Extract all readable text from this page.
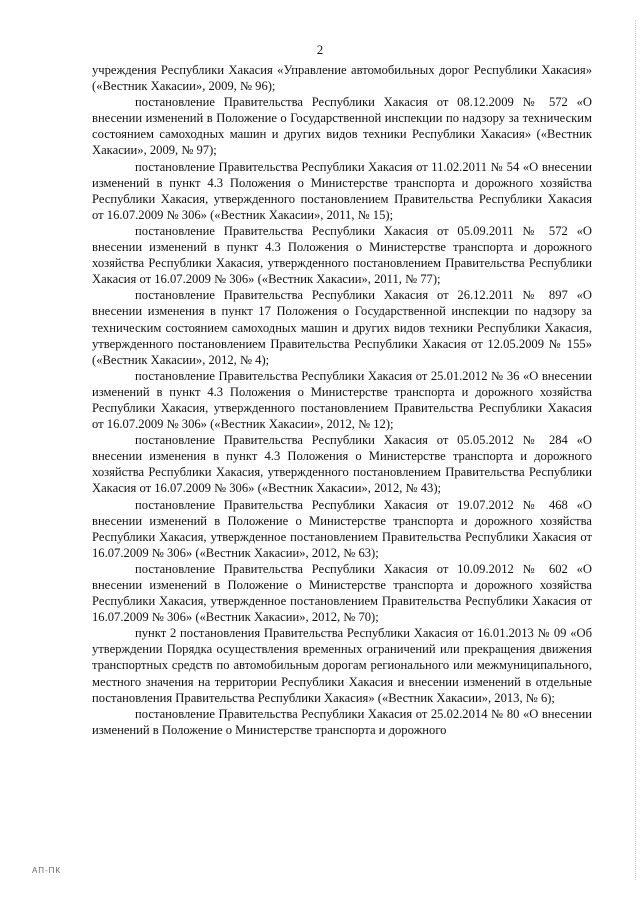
2

учреждения Республики Хакасия «Управление автомобильных дорог Республики Хакасия» («Вестник Хакасии», 2009, № 96);

постановление Правительства Республики Хакасия от 08.12.2009 № 572 «О внесении изменений в Положение о Государственной инспекции по надзору за техническим состоянием самоходных машин и других видов техники Республики Хакасия» («Вестник Хакасии», 2009, № 97);

постановление Правительства Республики Хакасия от 11.02.2011 № 54 «О внесении изменений в пункт 4.3 Положения о Министерстве транспорта и дорожного хозяйства Республики Хакасия, утвержденного постановлением Правительства Республики Хакасия от 16.07.2009 № 306» («Вестник Хакасии», 2011, № 15);

постановление Правительства Республики Хакасия от 05.09.2011 № 572 «О внесении изменений в пункт 4.3 Положения о Министерстве транспорта и дорожного хозяйства Республики Хакасия, утвержденного постановлением Правительства Республики Хакасия от 16.07.2009 № 306» («Вестник Хакасии», 2011, № 77);

постановление Правительства Республики Хакасия от 26.12.2011 № 897 «О внесении изменения в пункт 17 Положения о Государственной инспекции по надзору за техническим состоянием самоходных машин и других видов техники Республики Хакасия, утвержденного постановлением Правительства Республики Хакасия от 12.05.2009 № 155» («Вестник Хакасии», 2012, № 4);

постановление Правительства Республики Хакасия от 25.01.2012 № 36 «О внесении изменений в пункт 4.3 Положения о Министерстве транспорта и дорожного хозяйства Республики Хакасия, утвержденного постановлением Правительства Республики Хакасия от 16.07.2009 № 306» («Вестник Хакасии», 2012, № 12);

постановление Правительства Республики Хакасия от 05.05.2012 № 284 «О внесении изменения в пункт 4.3 Положения о Министерстве транспорта и дорожного хозяйства Республики Хакасия, утвержденного постановлением Правительства Республики Хакасия от 16.07.2009 № 306» («Вестник Хакасии», 2012, № 43);

постановление Правительства Республики Хакасия от 19.07.2012 № 468 «О внесении изменений в Положение о Министерстве транспорта и дорожного хозяйства Республики Хакасия, утвержденное постановлением Правительства Республики Хакасия от 16.07.2009 № 306» («Вестник Хакасии», 2012, № 63);

постановление Правительства Республики Хакасия от 10.09.2012 № 602 «О внесении изменений в Положение о Министерстве транспорта и дорожного хозяйства Республики Хакасия, утвержденное постановлением Правительства Республики Хакасия от 16.07.2009 № 306» («Вестник Хакасии», 2012, № 70);

пункт 2 постановления Правительства Республики Хакасия от 16.01.2013 № 09 «Об утверждении Порядка осуществления временных ограничений или прекращения движения транспортных средств по автомобильным дорогам регионального или межмуниципального, местного значения на территории Республики Хакасия и внесении изменений в отдельные постановления Правительства Республики Хакасия» («Вестник Хакасии», 2013, № 6);

постановление Правительства Республики Хакасия от 25.02.2014 № 80 «О внесении изменений в Положение о Министерстве транспорта и дорожного

АП-ПК
